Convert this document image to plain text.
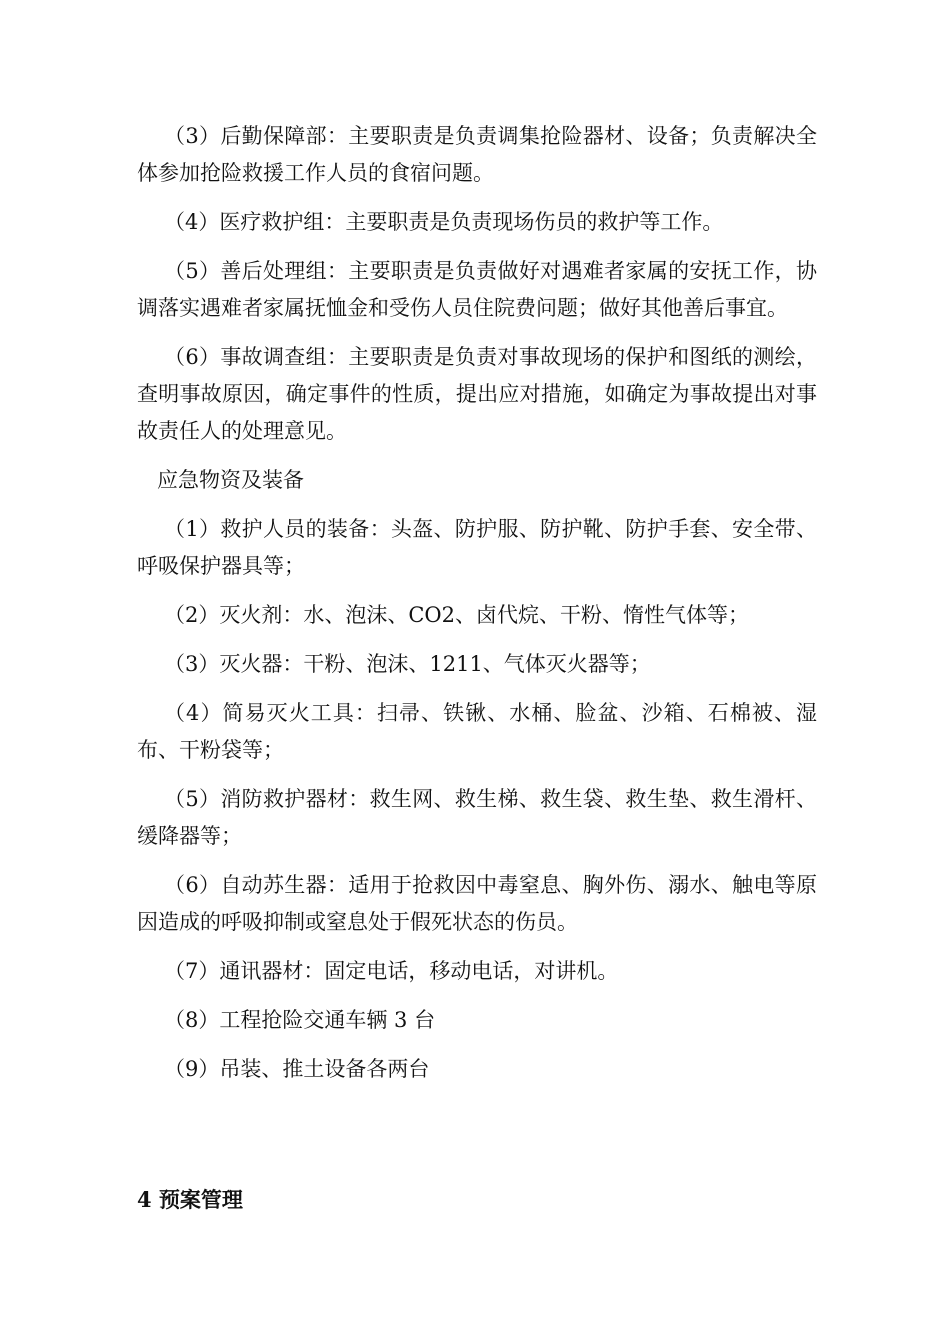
（3）后勤保障部：主要职责是负责调集抢险器材、设备；负责解决全体参加抢险救援工作人员的食宿问题。

（4）医疗救护组：主要职责是负责现场伤员的救护等工作。

（5）善后处理组：主要职责是负责做好对遇难者家属的安抚工作，协调落实遇难者家属抚恤金和受伤人员住院费问题；做好其他善后事宜。

（6）事故调查组：主要职责是负责对事故现场的保护和图纸的测绘，查明事故原因，确定事件的性质，提出应对措施，如确定为事故提出对事故责任人的处理意见。

应急物资及装备

（1）救护人员的装备：头盔、防护服、防护靴、防护手套、安全带、呼吸保护器具等；

（2）灭火剂：水、泡沫、CO2、卤代烷、干粉、惰性气体等；

（3）灭火器：干粉、泡沫、1211、气体灭火器等；

（4）简易灭火工具：扫帚、铁锹、水桶、脸盆、沙箱、石棉被、湿布、干粉袋等；

（5）消防救护器材：救生网、救生梯、救生袋、救生垫、救生滑杆、缓降器等；

（6）自动苏生器：适用于抢救因中毒窒息、胸外伤、溺水、触电等原因造成的呼吸抑制或窒息处于假死状态的伤员。

（7）通讯器材：固定电话，移动电话，对讲机。

（8）工程抢险交通车辆 3 台

（9）吊装、推土设备各两台

4 预案管理
